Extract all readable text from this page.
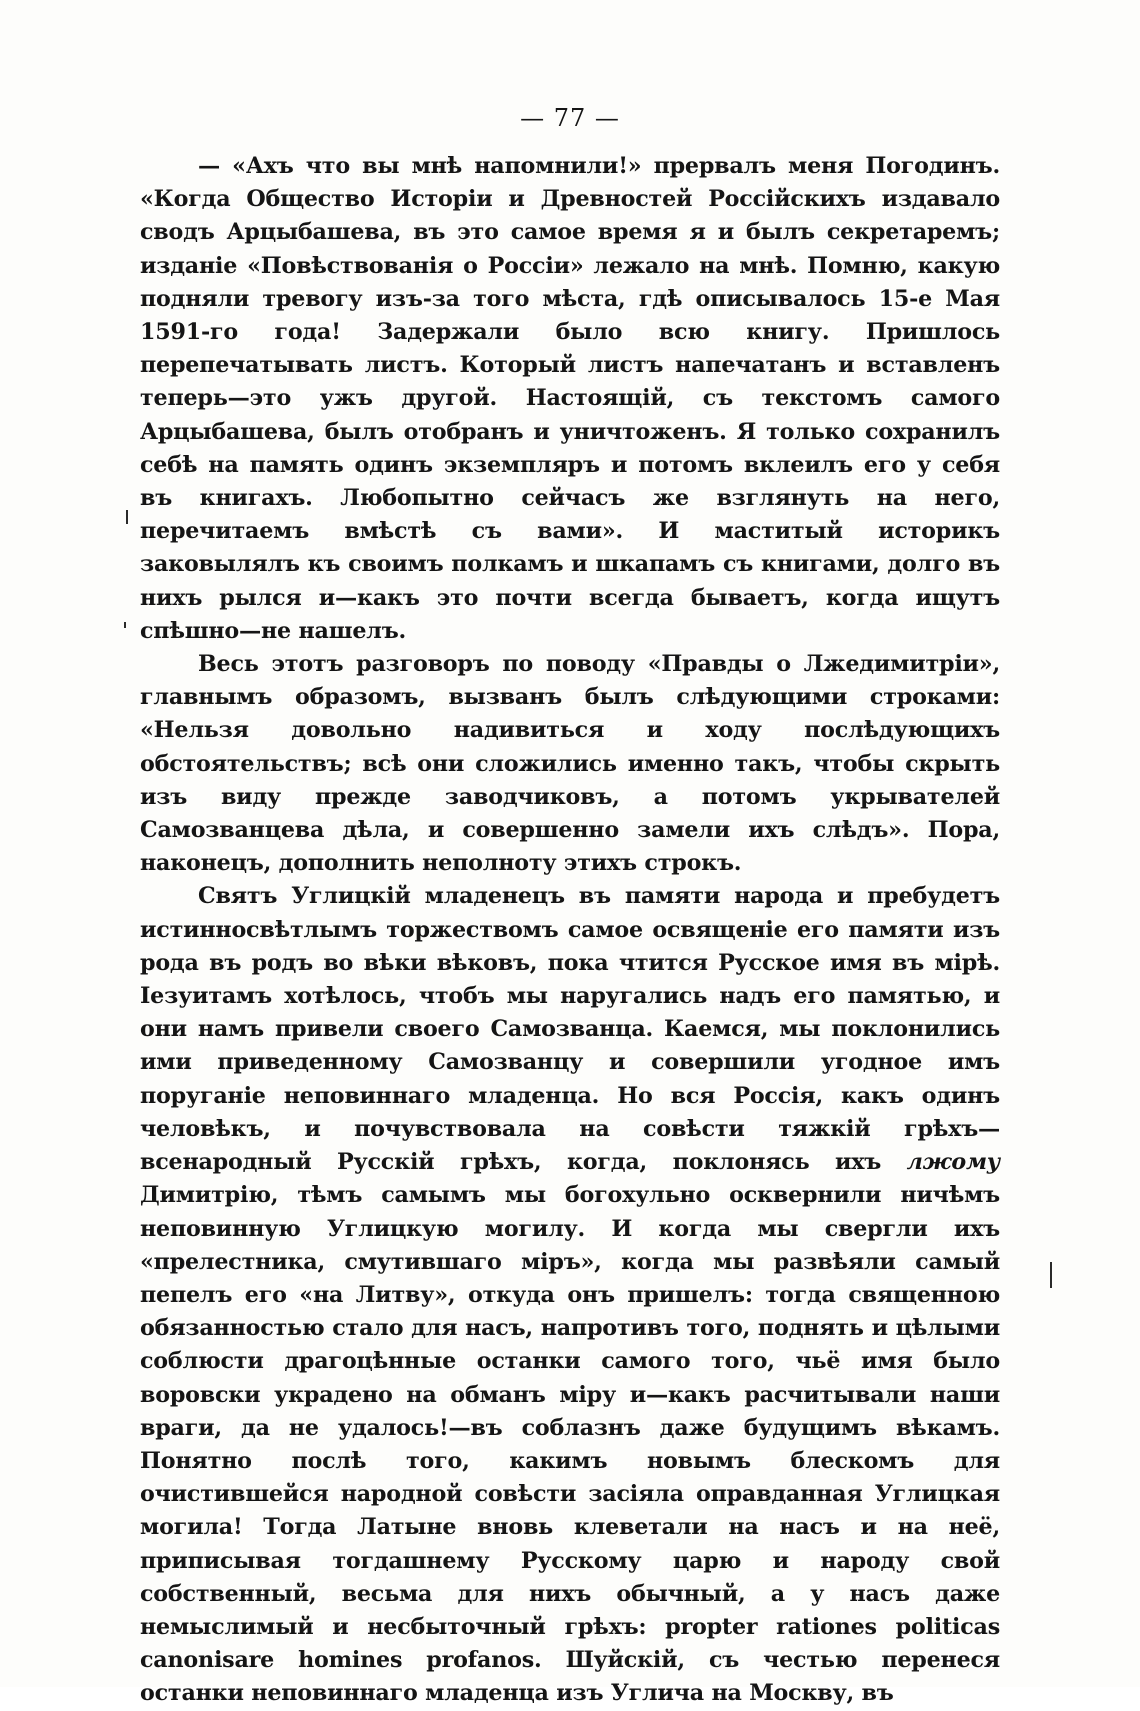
— 77 —

— «Ахъ что вы мнѣ напомнили!» прервалъ меня Погодинъ. «Когда Общество Исторіи и Древностей Россійскихъ издавало сводъ Арцыбашева, въ это самое время я и былъ секретаремъ; изданіе «Повѣствованія о Россіи» лежало на мнѣ. Помню, какую подняли тревогу изъ-за того мѣста, гдѣ описывалось 15-е Мая 1591-го года! Задержали было всю книгу. Пришлось перепечатывать листъ. Который листъ напечатанъ и вставленъ теперь—это ужъ другой. Настоящій, съ текстомъ самого Арцыбашева, былъ отобранъ и уничтоженъ. Я только сохранилъ себѣ на память одинъ экземпляръ и потомъ вклеилъ его у себя въ книгахъ. Любопытно сейчасъ же взглянуть на него, перечитаемъ вмѣстѣ съ вами». И маститый историкъ заковылялъ къ своимъ полкамъ и шкапамъ съ книгами, долго въ нихъ рылся и—какъ это почти всегда бываетъ, когда ищутъ спѣшно—не нашелъ.

Весь этотъ разговоръ по поводу «Правды о Лжедимитріи», главнымъ образомъ, вызванъ былъ слѣдующими строками: «Нельзя довольно надивиться и ходу послѣдующихъ обстоятельствъ; всѣ они сложились именно такъ, чтобы скрыть изъ виду прежде заводчиковъ, а потомъ укрывателей Самозванцева дѣла, и совершенно замели ихъ слѣдъ». Пора, наконецъ, дополнить неполноту этихъ строкъ.

Святъ Углицкій младенецъ въ памяти народа и пребудетъ истинносвѣтлымъ торжествомъ самое освященіе его памяти изъ рода въ родъ во вѣки вѣковъ, пока чтится Русское имя въ мірѣ. Іезуитамъ хотѣлось, чтобъ мы наругались надъ его памятью, и они намъ привели своего Самозванца. Каемся, мы поклонились ими приведенному Самозванцу и совершили угодное имъ поруганіе неповиннаго младенца. Но вся Россія, какъ одинъ человѣкъ, и почувствовала на совѣсти тяжкій грѣхъ—всенародный Русскій грѣхъ, когда, поклонясь ихъ лжому Димитрію, тѣмъ самымъ мы богохульно осквернили ничѣмъ неповинную Углицкую могилу. И когда мы свергли ихъ «прелестника, смутившаго міръ», когда мы развѣяли самый пепелъ его «на Литву», откуда онъ пришелъ: тогда священною обязанностью стало для насъ, напротивъ того, поднять и цѣлыми соблюсти драгоцѣнные останки самого того, чьё имя было воровски украдено на обманъ міру и—какъ расчитывали наши враги, да не удалось!—въ соблазнъ даже будущимъ вѣкамъ. Понятно послѣ того, какимъ новымъ блескомъ для очистившейся народной совѣсти засіяла оправданная Углицкая могила! Тогда Латыне вновь клеветали на насъ и на неё, приписывая тогдашнему Русскому царю и народу свой собственный, весьма для нихъ обычный, а у насъ даже немыслимый и несбыточный грѣхъ: propter rationes politicas canonisare homines profanos. Шуйскій, съ честью перенеся останки неповиннаго младенца изъ Углича на Москву, въ
